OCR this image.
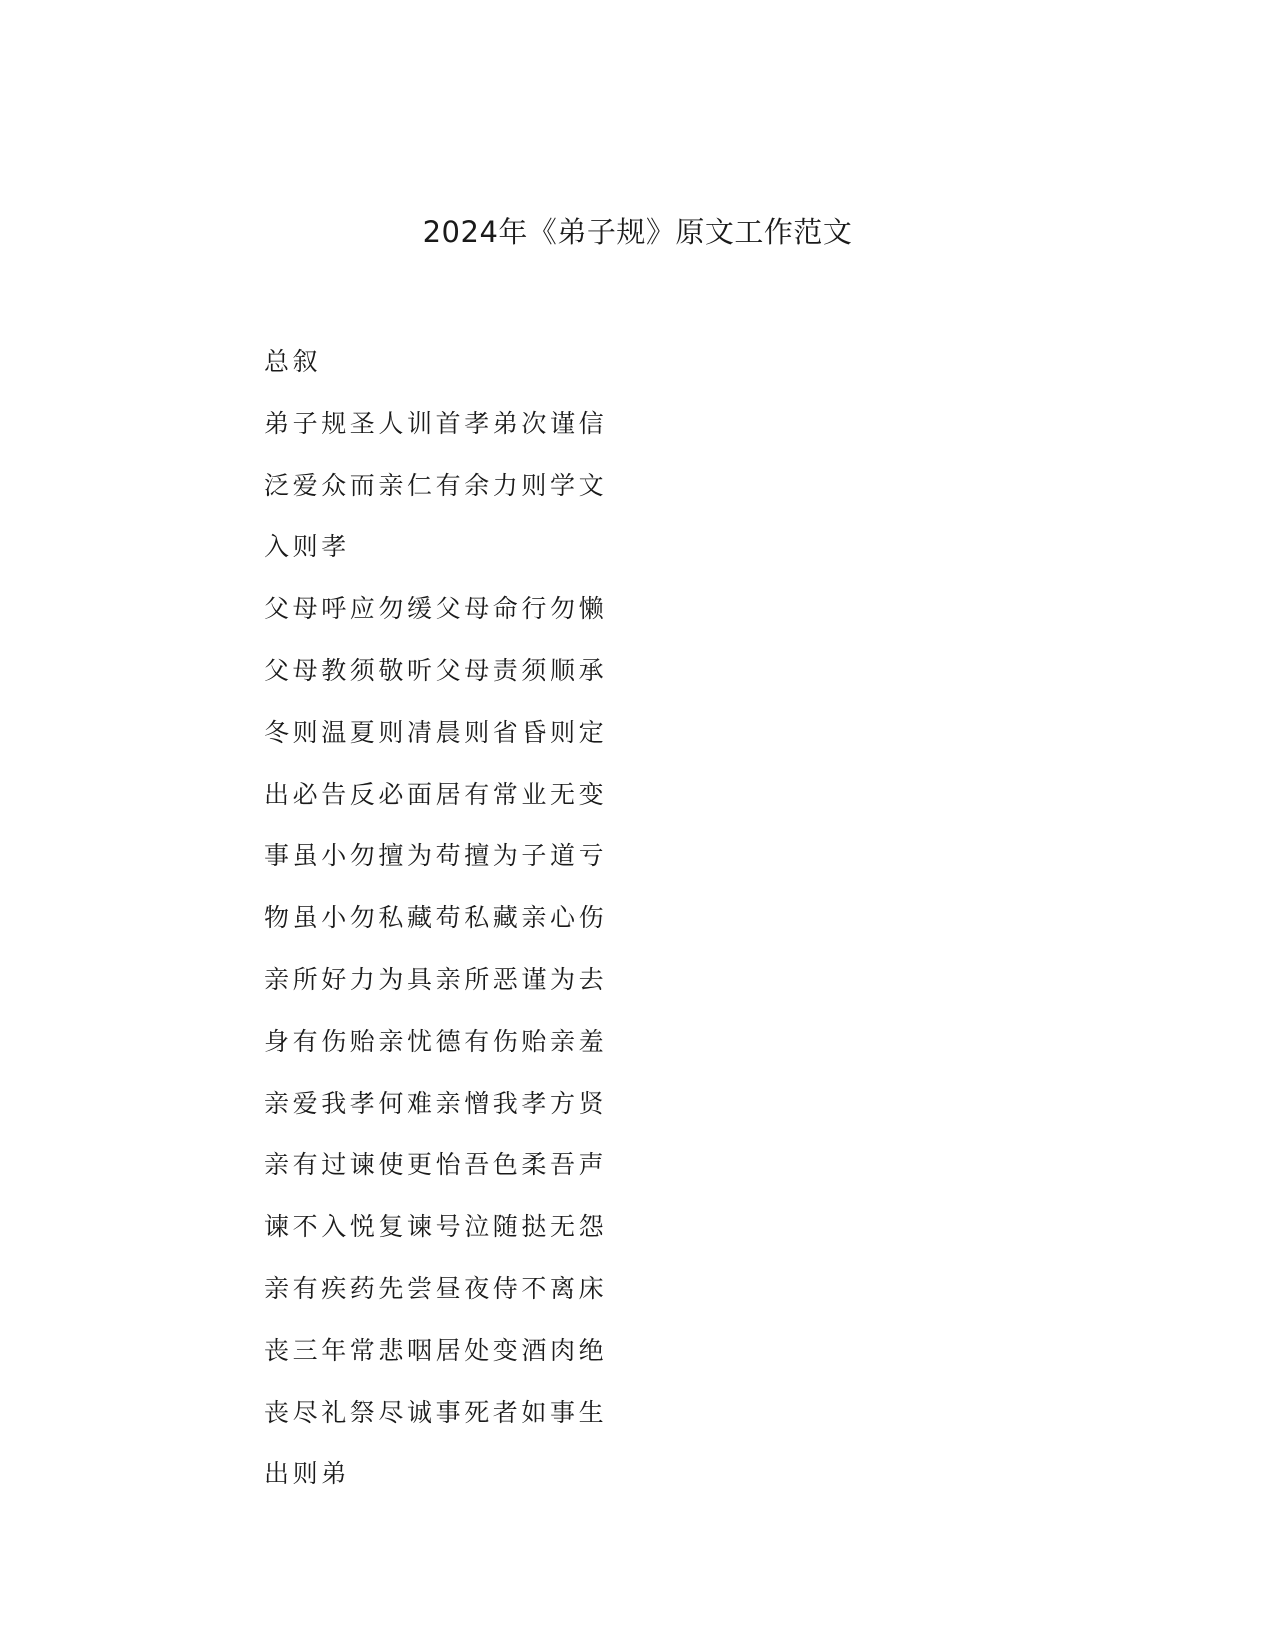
2024年《弟子规》原文工作范文
总叙
弟子规圣人训首孝弟次谨信
泛爱众而亲仁有余力则学文
入则孝
父母呼应勿缓父母命行勿懒
父母教须敬听父母责须顺承
冬则温夏则凊晨则省昏则定
出必告反必面居有常业无变
事虽小勿擅为苟擅为子道亏
物虽小勿私藏苟私藏亲心伤
亲所好力为具亲所恶谨为去
身有伤贻亲忧德有伤贻亲羞
亲爱我孝何难亲憎我孝方贤
亲有过谏使更怡吾色柔吾声
谏不入悦复谏号泣随挞无怨
亲有疾药先尝昼夜侍不离床
丧三年常悲咽居处变酒肉绝
丧尽礼祭尽诚事死者如事生
出则弟
